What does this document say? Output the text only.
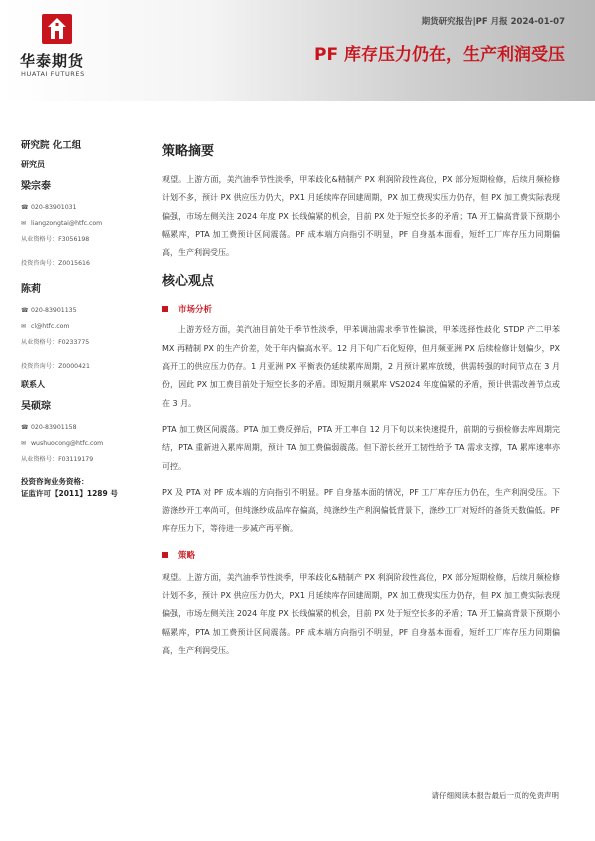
华泰期货
HUATAI FUTURES
期货研究报告|PF 月报 2024-01-07
PF 库存压力仍在，生产利润受压
研究院 化工组
研究员
梁宗泰
☎ 020-83901031
✉ liangzongtai@htfc.com
从业资格号：F3056198
投资咨询号：Z0015616
陈莉
☎ 020-83901135
✉ cl@htfc.com
从业资格号：F0233775
投资咨询号：Z0000421
联系人
吴硕琮
☎ 020-83901158
✉ wushuocong@htfc.com
从业资格号：F03119179
投资咨询业务资格：
证监许可【2011】1289 号
策略摘要
观望。上游方面，美汽油季节性淡季，甲苯歧化&精制产 PX 利润阶段性高位，PX 部分短期检修，后续月频检修计划不多，预计 PX 供应压力仍大，PX1 月延续库存回建周期，PX 加工费现实压力仍存，但 PX 加工费实际表现偏强，市场左侧关注 2024 年度 PX 长线偏紧的机会，目前 PX 处于短空长多的矛盾；TA 开工偏高背景下预期小幅累库，PTA 加工费预计区间震荡。PF 成本端方向指引不明显，PF 自身基本面看，短纤工厂库存压力同期偏高，生产利润受压。
核心观点
市场分析
上游芳烃方面，美汽油目前处于季节性淡季，甲苯调油需求季节性偏淡，甲苯选择性歧化 STDP 产二甲苯 MX 再精制 PX 的生产价差，处于年内偏高水平。12 月下旬广石化短停，但月频亚洲 PX 后续检修计划偏少，PX 高开工的供应压力仍存。1 月亚洲 PX 平衡表仍延续累库周期，2 月预计累库放缓，供需转强的时间节点在 3 月份，因此 PX 加工费目前处于短空长多的矛盾。即短期月频累库 VS2024 年度偏紧的矛盾，预计供需改善节点或在 3 月。
PTA 加工费区间震荡。PTA 加工费反弹后，PTA 开工率自 12 月下旬以来快速提升，前期的亏损检修去库周期完结，PTA 重新进入累库周期，预计 TA 加工费偏弱震荡。但下游长丝开工韧性给予 TA 需求支撑，TA 累库速率亦可控。
PX 及 PTA 对 PF 成本端的方向指引不明显。PF 自身基本面的情况，PF 工厂库存压力仍在，生产利润受压。下游涤纱开工率尚可，但纯涤纱成品库存偏高，纯涤纱生产利润偏低背景下，涤纱工厂对短纤的备货天数偏低。PF 库存压力下，等待进一步减产再平衡。
策略
观望。上游方面，美汽油季节性淡季，甲苯歧化&精制产 PX 利润阶段性高位，PX 部分短期检修，后续月频检修计划不多，预计 PX 供应压力仍大，PX1 月延续库存回建周期，PX 加工费现实压力仍存，但 PX 加工费实际表现偏强，市场左侧关注 2024 年度 PX 长线偏紧的机会，目前 PX 处于短空长多的矛盾；TA 开工偏高背景下预期小幅累库，PTA 加工费预计区间震荡。PF 成本端方向指引不明显，PF 自身基本面看，短纤工厂库存压力同期偏高，生产利润受压。
请仔细阅读本报告最后一页的免责声明
